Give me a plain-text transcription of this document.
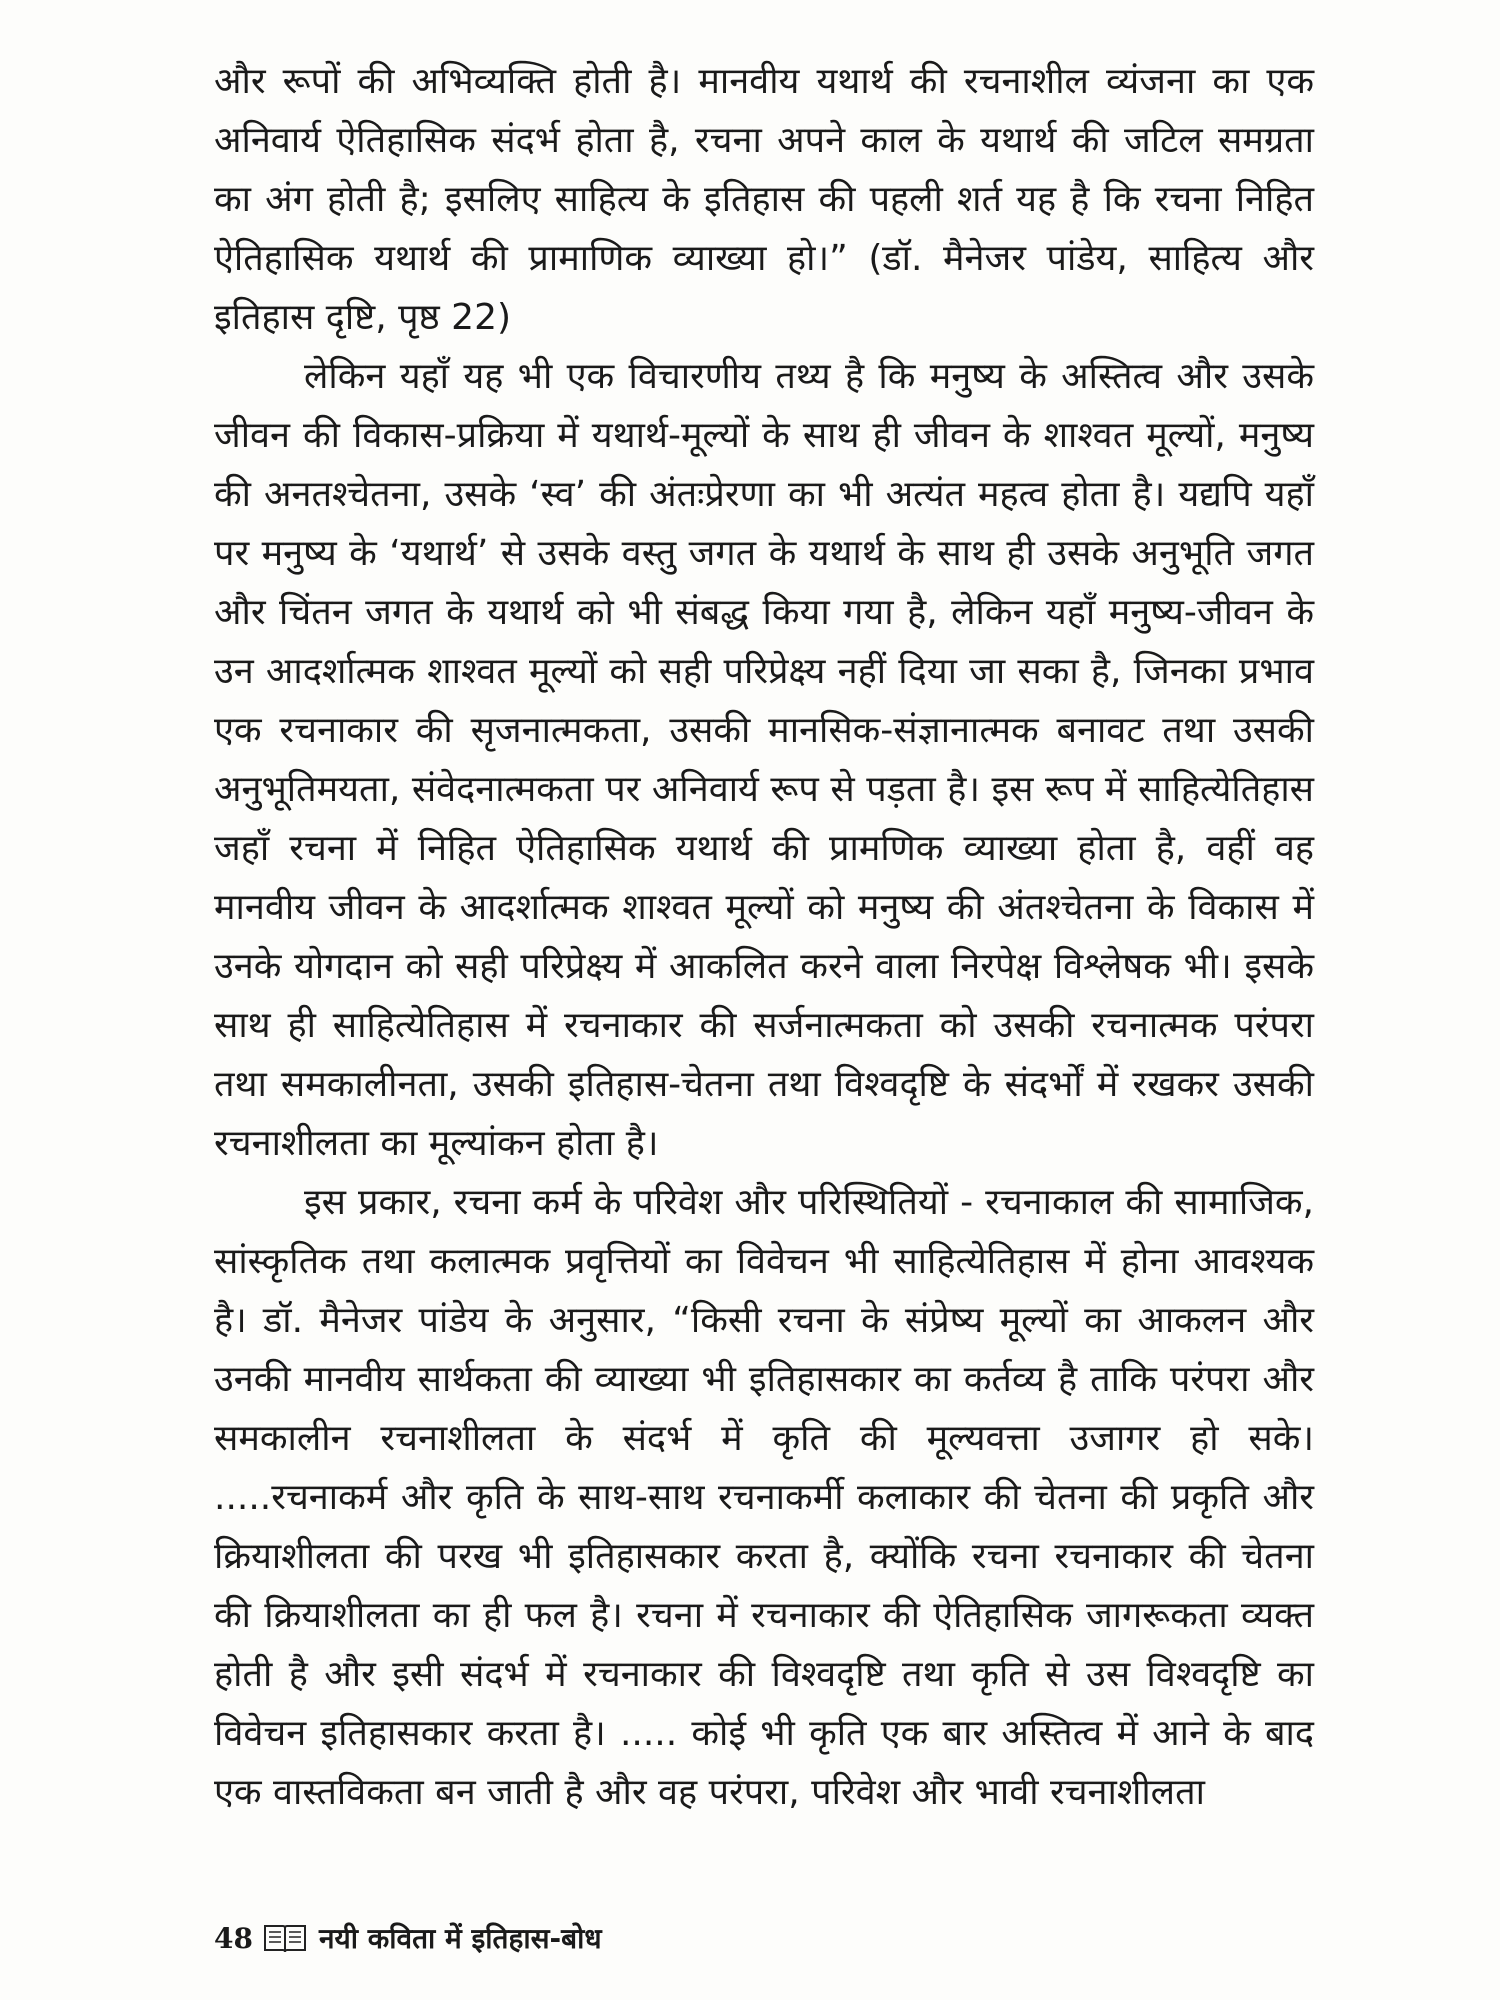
और रूपों की अभिव्यक्ति होती है। मानवीय यथार्थ की रचनाशील व्यंजना का एक अनिवार्य ऐतिहासिक संदर्भ होता है, रचना अपने काल के यथार्थ की जटिल समग्रता का अंग होती है; इसलिए साहित्य के इतिहास की पहली शर्त यह है कि रचना निहित ऐतिहासिक यथार्थ की प्रामाणिक व्याख्या हो।” (डॉ. मैनेजर पांडेय, साहित्य और इतिहास दृष्टि, पृष्ठ 22)

लेकिन यहाँ यह भी एक विचारणीय तथ्य है कि मनुष्य के अस्तित्व और उसके जीवन की विकास-प्रक्रिया में यथार्थ-मूल्यों के साथ ही जीवन के शाश्वत मूल्यों, मनुष्य की अनतश्चेतना, उसके ‘स्व’ की अंतःप्रेरणा का भी अत्यंत महत्व होता है। यद्यपि यहाँ पर मनुष्य के ‘यथार्थ’ से उसके वस्तु जगत के यथार्थ के साथ ही उसके अनुभूति जगत और चिंतन जगत के यथार्थ को भी संबद्ध किया गया है, लेकिन यहाँ मनुष्य-जीवन के उन आदर्शात्मक शाश्वत मूल्यों को सही परिप्रेक्ष्य नहीं दिया जा सका है, जिनका प्रभाव एक रचनाकार की सृजनात्मकता, उसकी मानसिक-संज्ञानात्मक बनावट तथा उसकी अनुभूतिमयता, संवेदनात्मकता पर अनिवार्य रूप से पड़ता है। इस रूप में साहित्येतिहास जहाँ रचना में निहित ऐतिहासिक यथार्थ की प्रामणिक व्याख्या होता है, वहीं वह मानवीय जीवन के आदर्शात्मक शाश्वत मूल्यों को मनुष्य की अंतश्चेतना के विकास में उनके योगदान को सही परिप्रेक्ष्य में आकलित करने वाला निरपेक्ष विश्लेषक भी। इसके साथ ही साहित्येतिहास में रचनाकार की सर्जनात्मकता को उसकी रचनात्मक परंपरा तथा समकालीनता, उसकी इतिहास-चेतना तथा विश्वदृष्टि के संदर्भों में रखकर उसकी रचनाशीलता का मूल्यांकन होता है।

इस प्रकार, रचना कर्म के परिवेश और परिस्थितियों - रचनाकाल की सामाजिक, सांस्कृतिक तथा कलात्मक प्रवृत्तियों का विवेचन भी साहित्येतिहास में होना आवश्यक है। डॉ. मैनेजर पांडेय के अनुसार, “किसी रचना के संप्रेष्य मूल्यों का आकलन और उनकी मानवीय सार्थकता की व्याख्या भी इतिहासकार का कर्तव्य है ताकि परंपरा और समकालीन रचनाशीलता के संदर्भ में कृति की मूल्यवत्ता उजागर हो सके। .....रचनाकर्म और कृति के साथ-साथ रचनाकर्मी कलाकार की चेतना की प्रकृति और क्रियाशीलता की परख भी इतिहासकार करता है, क्योंकि रचना रचनाकार की चेतना की क्रियाशीलता का ही फल है। रचना में रचनाकार की ऐतिहासिक जागरूकता व्यक्त होती है और इसी संदर्भ में रचनाकार की विश्वदृष्टि तथा कृति से उस विश्वदृष्टि का विवेचन इतिहासकार करता है। ..... कोई भी कृति एक बार अस्तित्व में आने के बाद एक वास्तविकता बन जाती है और वह परंपरा, परिवेश और भावी रचनाशीलता

48 नयी कविता में इतिहास-बोध
